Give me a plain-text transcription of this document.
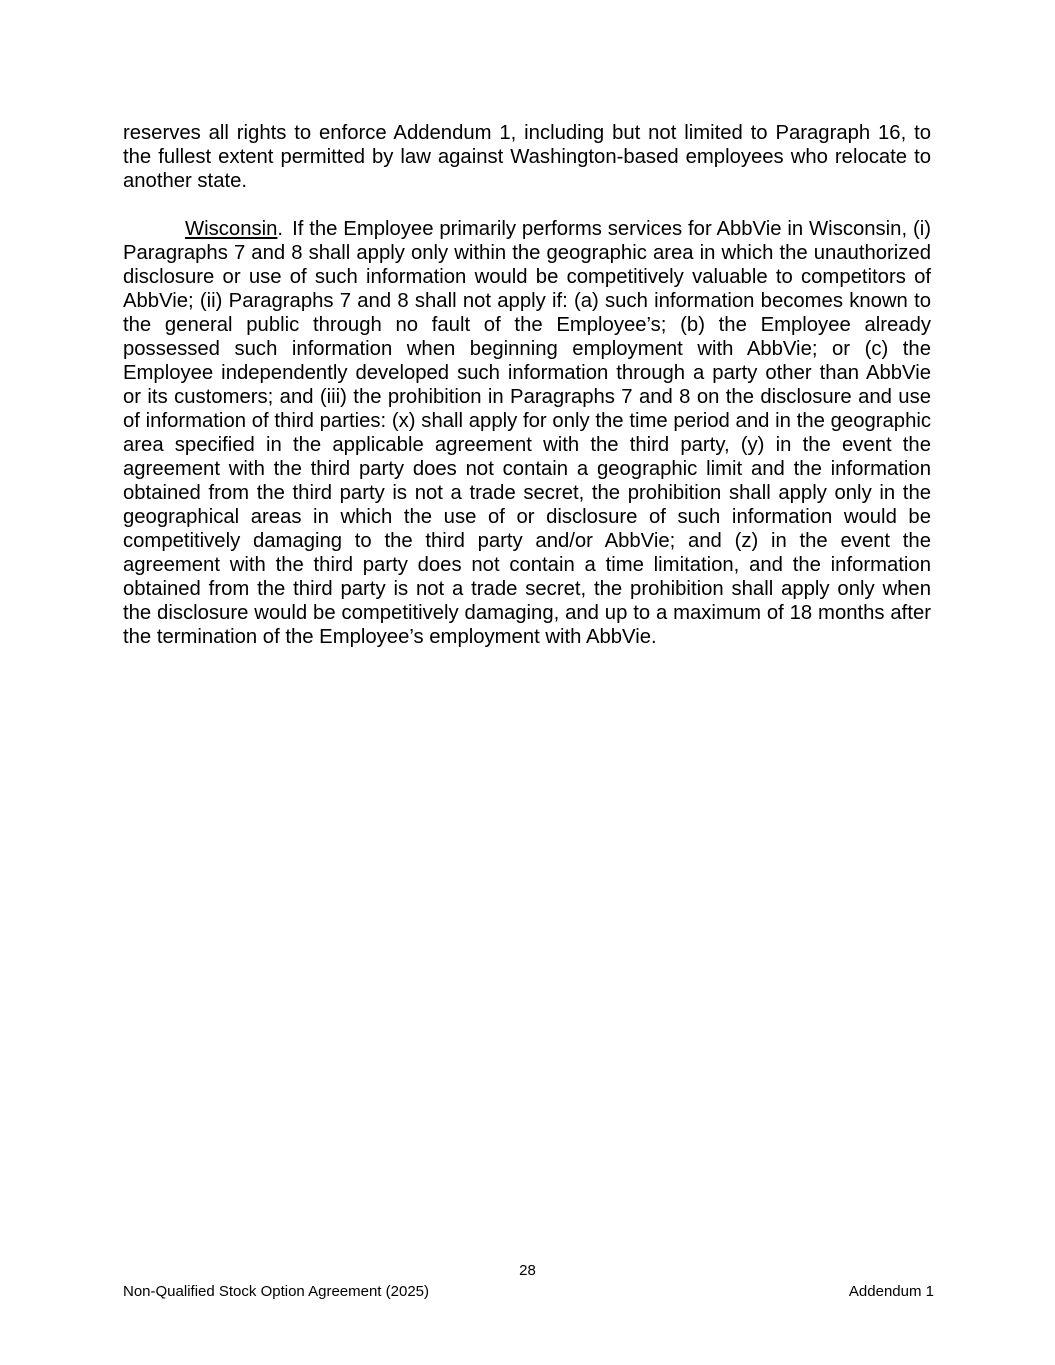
reserves all rights to enforce Addendum 1, including but not limited to Paragraph 16, to the fullest extent permitted by law against Washington-based employees who relocate to another state.

Wisconsin. If the Employee primarily performs services for AbbVie in Wisconsin, (i) Paragraphs 7 and 8 shall apply only within the geographic area in which the unauthorized disclosure or use of such information would be competitively valuable to competitors of AbbVie; (ii) Paragraphs 7 and 8 shall not apply if: (a) such information becomes known to the general public through no fault of the Employee’s; (b) the Employee already possessed such information when beginning employment with AbbVie; or (c) the Employee independently developed such information through a party other than AbbVie or its customers; and (iii) the prohibition in Paragraphs 7 and 8 on the disclosure and use of information of third parties: (x) shall apply for only the time period and in the geographic area specified in the applicable agreement with the third party, (y) in the event the agreement with the third party does not contain a geographic limit and the information obtained from the third party is not a trade secret, the prohibition shall apply only in the geographical areas in which the use of or disclosure of such information would be competitively damaging to the third party and/or AbbVie; and (z) in the event the agreement with the third party does not contain a time limitation, and the information obtained from the third party is not a trade secret, the prohibition shall apply only when the disclosure would be competitively damaging, and up to a maximum of 18 months after the termination of the Employee’s employment with AbbVie.

28
Non-Qualified Stock Option Agreement (2025)	Addendum 1
